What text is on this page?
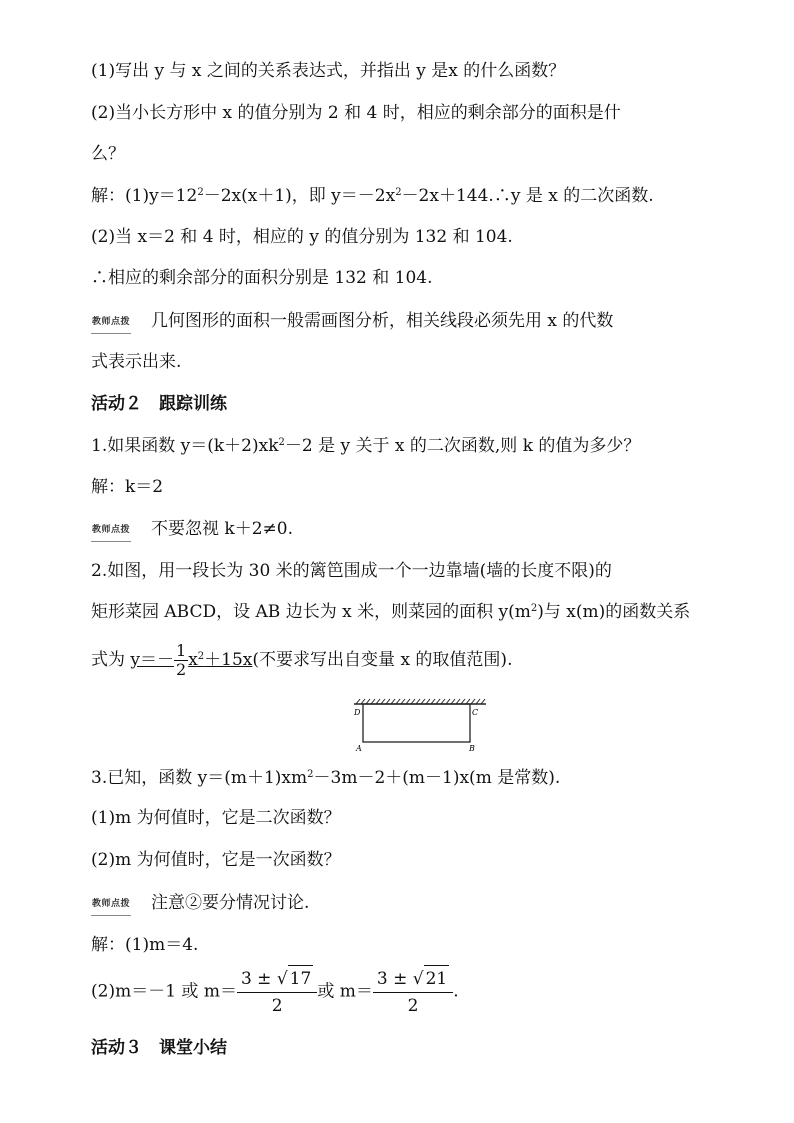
(1)写出 y 与 x 之间的关系表达式，并指出 y 是x 的什么函数？
(2)当小长方形中 x 的值分别为 2 和 4 时，相应的剩余部分的面积是什
么？
解：$(1)y=12^2-2x(x+1)$，即 $y=-2x^2-2x+144.\therefore y$ 是 x 的二次函数.
(2)当 x＝2 和 4 时，相应的 y 的值分别为 132 和 104.
∴相应的剩余部分的面积分别是 132 和 104.
教师点拨 几何图形的面积一般需画图分析，相关线段必须先用 x 的代数
式表示出来.
活动２　跟踪训练
1.如果函数 $y=(k+2)xk^2-2$ 是 y 关于 x 的二次函数,则 k 的值为多少？
解：k＝2
教师点拨 不要忽视 k＋2≠0.
2.如图，用一段长为 30 米的篱笆围成一个一边靠墙(墙的长度不限)的
矩形菜园 ABCD，设 AB 边长为 x 米，则菜园的面积 $y(m^2)$与 x(m)的函数关系
式为 $y=- \frac{1}{2} x^2+15x$(不要求写出自变量 x 的取值范围).
D	C
A	B
3.已知，函数 $y=(m+1)xm^2-3m-2+(m-1)x(m$ 是常数).
(1)m 为何值时，它是二次函数？
(2)m 为何值时，它是一次函数？
教师点拨 注意②要分情况讨论.
解：(1)m＝4.
(2)m＝－1 或 $m= \frac{3 \pm √ 17}{2}$ 或 $m= \frac{3 \pm √ 21}{2}$ .
活动３　课堂小结
